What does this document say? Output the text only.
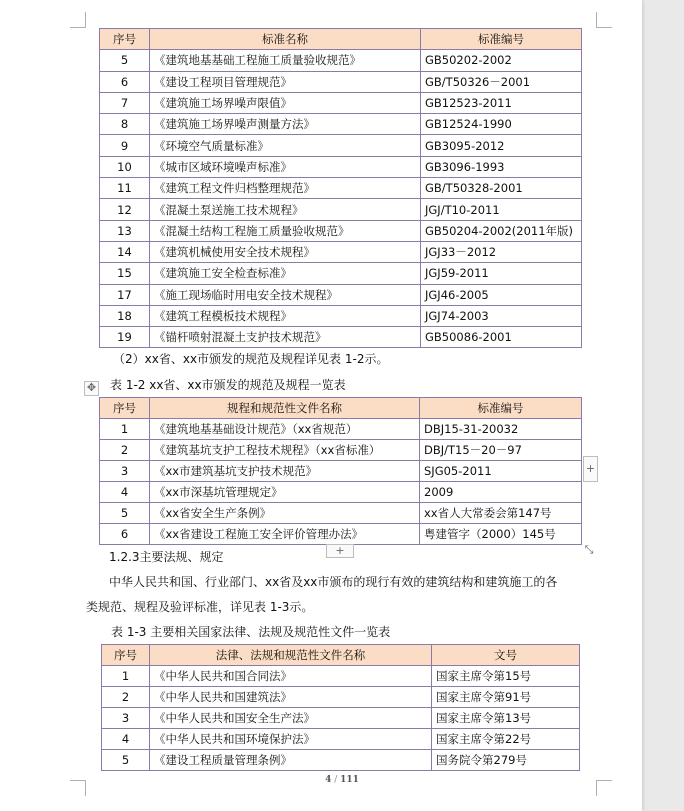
序号	标准名称	标准编号
5	《建筑地基基础工程施工质量验收规范》	GB50202-2002
6	《建设工程项目管理规范》	GB/T50326－2001
7	《建筑施工场界噪声限值》	GB12523-2011
8	《建筑施工场界噪声测量方法》	GB12524-1990
9	《环境空气质量标准》	GB3095-2012
10	《城市区域环境噪声标准》	GB3096-1993
11	《建筑工程文件归档整理规范》	GB/T50328-2001
12	《混凝土泵送施工技术规程》	JGJ/T10-2011
13	《混凝土结构工程施工质量验收规范》	GB50204-2002(2011年版)
14	《建筑机械使用安全技术规程》	JGJ33－2012
15	《建筑施工安全检查标准》	JGJ59-2011
17	《施工现场临时用电安全技术规程》	JGJ46-2005
18	《建筑工程模板技术规程》	JGJ74-2003
19	《锚杆喷射混凝土支护技术规范》	GB50086-2001
（2）xx省、xx市颁发的规范及规程详见表 1-2示。
✥ 表 1-2 xx省、xx市颁发的规范及规程一览表
序号	规程和规范性文件名称	标准编号
1	《建筑地基基础设计规范》（xx省规范）	DBJ15-31-20032
2	《建筑基坑支护工程技术规程》（xx省标准）	DBJ/T15－20－97
3	《xx市建筑基坑支护技术规范》	SJG05-2011
4	《xx市深基坑管理规定》	2009
5	《xx省安全生产条例》	xx省人大常委会第147号
6	《xx省建设工程施工安全评价管理办法》	粤建管字（2000）145号
+
+	⤡
1.2.3主要法规、规定
中华人民共和国、行业部门、xx省及xx市颁布的现行有效的建筑结构和建筑施工的各
类规范、规程及验评标准，详见表 1-3示。
表 1-3 主要相关国家法律、法规及规范性文件一览表
序号	法律、法规和规范性文件名称	文号
1	《中华人民共和国合同法》	国家主席令第15号
2	《中华人民共和国建筑法》	国家主席令第91号
3	《中华人民共和国安全生产法》	国家主席令第13号
4	《中华人民共和国环境保护法》	国家主席令第22号
5	《建设工程质量管理条例》	国务院令第279号
4 / 111
